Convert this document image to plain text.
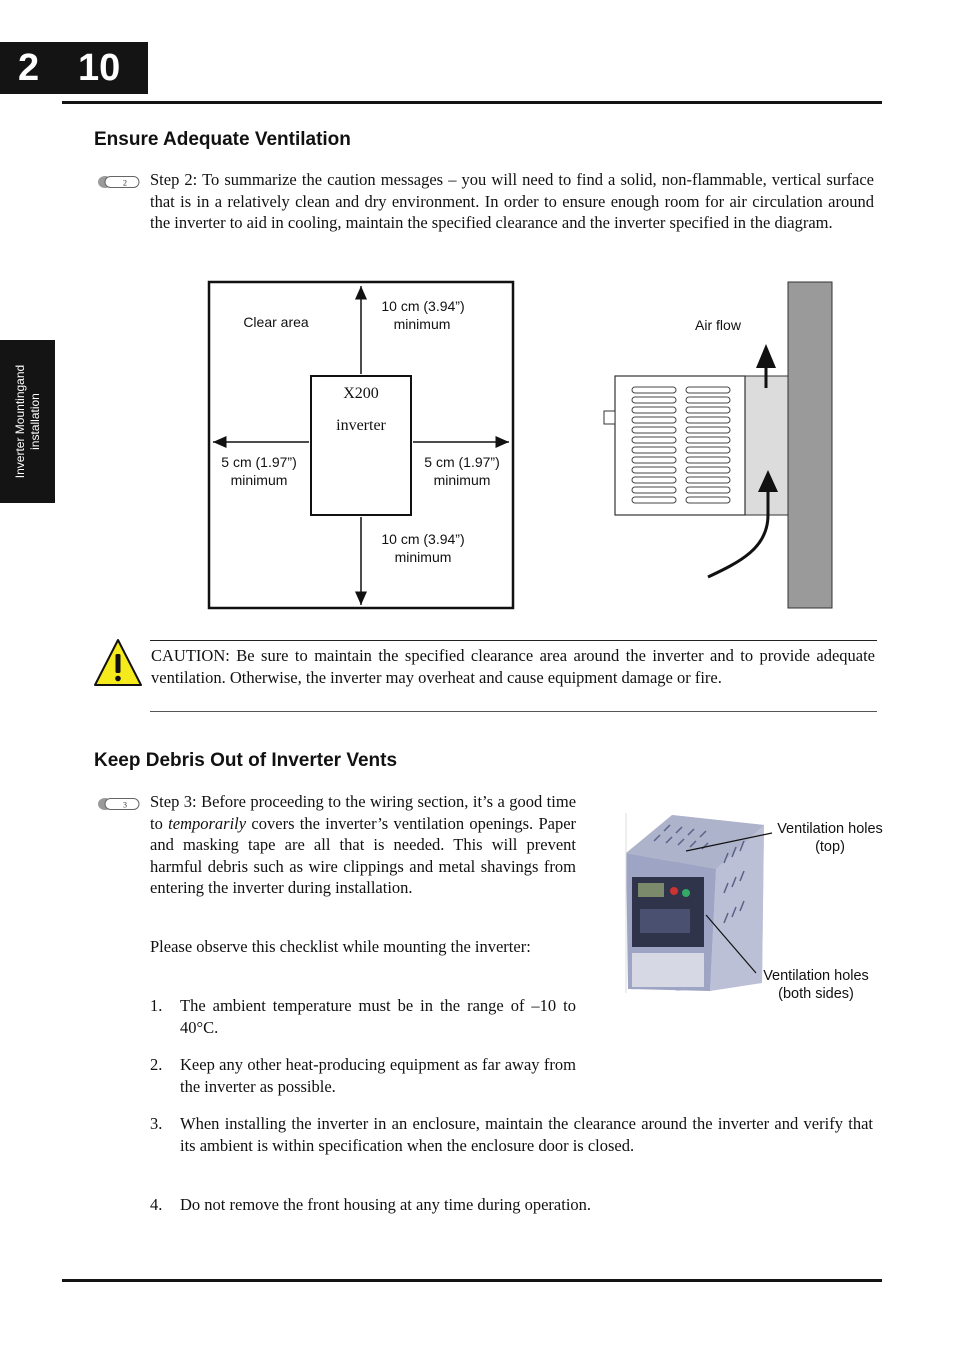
2 10
Inverter Mountingand installation
Ensure Adequate Ventilation
2 Step 2: To summarize the caution messages – you will need to find a solid, non-flammable, vertical surface that is in a relatively clean and dry environment. In order to ensure enough room for air circulation around the inverter to aid in cooling, maintain the specified clearance and the inverter specified in the diagram.
Clear area
10 cm (3.94”)
minimum
5 cm (1.97”)
minimum
5 cm (1.97”)
minimum
10 cm (3.94”)
minimum
X200
inverter
Air flow
CAUTION: Be sure to maintain the specified clearance area around the inverter and to provide adequate ventilation. Otherwise, the inverter may overheat and cause equipment damage or fire.
Keep Debris Out of Inverter Vents
3 Step 3: Before proceeding to the wiring section, it’s a good time to temporarily covers the inverter’s ventilation openings. Paper and masking tape are all that is needed. This will prevent harmful debris such as wire clippings and metal shavings from entering the inverter during installation.
Please observe this checklist while mounting the inverter:
Ventilation holes
(top)
Ventilation holes
(both sides)
1. The ambient temperature must be in the range of –10 to 40°C.
2. Keep any other heat-producing equipment as far away from the inverter as possible.
3. When installing the inverter in an enclosure, maintain the clearance around the inverter and verify that its ambient is within specification when the enclosure door is closed.
4. Do not remove the front housing at any time during operation.
